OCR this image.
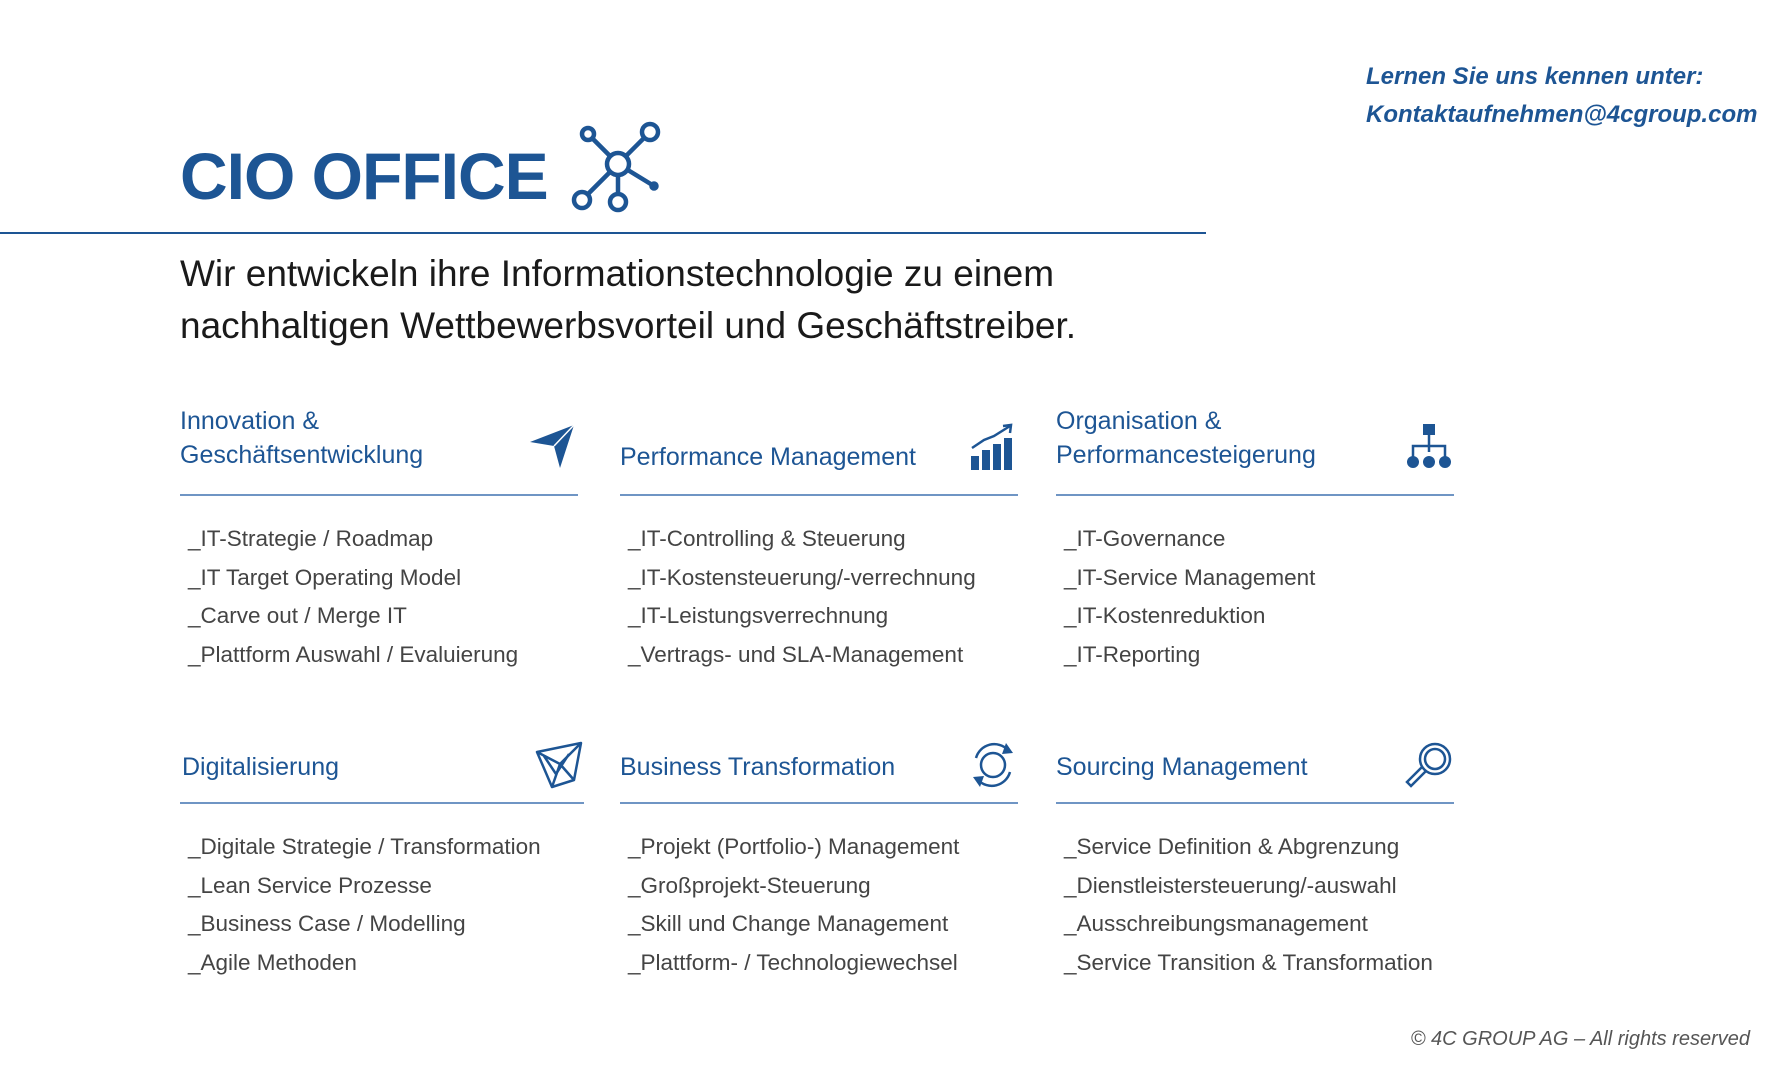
Lernen Sie uns kennen unter:
Kontaktaufnehmen@4cgroup.com
CIO OFFICE
Wir entwickeln ihre Informationstechnologie zu einem
nachhaltigen Wettbewerbsvorteil und Geschäftstreiber.
Innovation &
Geschäftsentwicklung
_IT-Strategie / Roadmap
_IT Target Operating Model
_Carve out / Merge IT
_Plattform Auswahl / Evaluierung
Performance Management
_IT-Controlling & Steuerung
_IT-Kostensteuerung/-verrechnung
_IT-Leistungsverrechnung
_Vertrags- und SLA-Management
Organisation &
Performancesteigerung
_IT-Governance
_IT-Service Management
_IT-Kostenreduktion
_IT-Reporting
Digitalisierung
_Digitale Strategie / Transformation
_Lean Service Prozesse
_Business Case / Modelling
_Agile Methoden
Business Transformation
_Projekt (Portfolio-) Management
_Großprojekt-Steuerung
_Skill und Change Management
_Plattform- / Technologiewechsel
Sourcing Management
_Service Definition & Abgrenzung
_Dienstleistersteuerung/-auswahl
_Ausschreibungsmanagement
_Service Transition & Transformation
© 4C GROUP AG – All rights reserved
